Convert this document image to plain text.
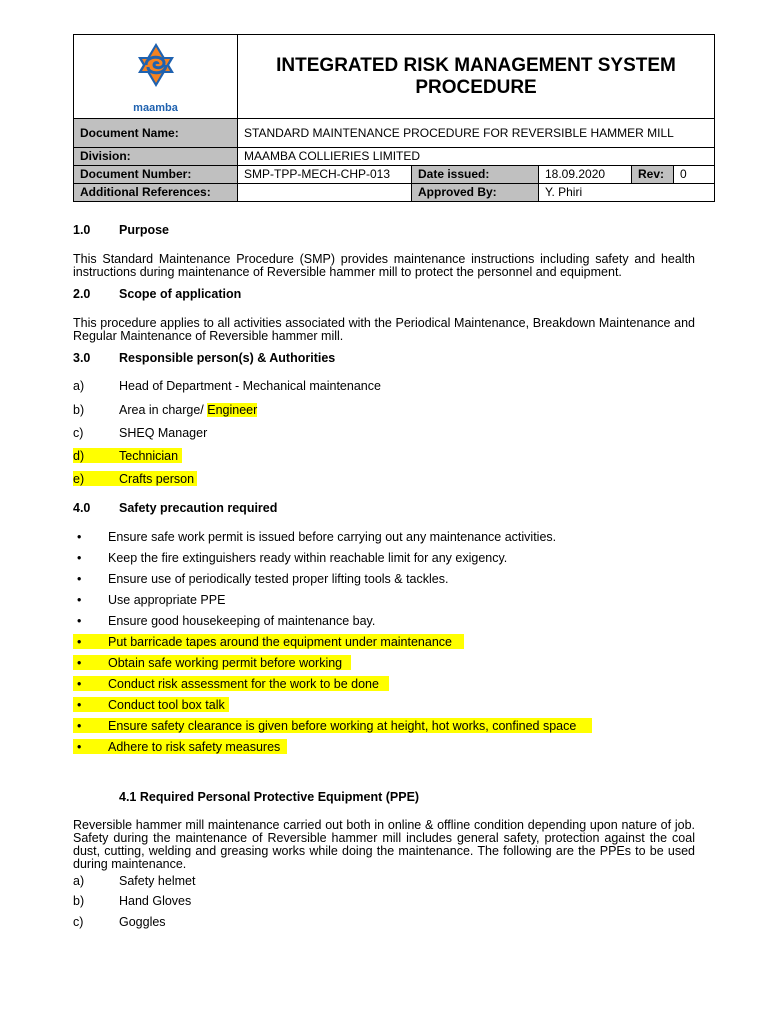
maamba	INTEGRATED RISK MANAGEMENT SYSTEM PROCEDURE				
Document Name:	STANDARD MAINTENANCE PROCEDURE FOR REVERSIBLE HAMMER MILL				
Division:	MAAMBA COLLIERIES LIMITED				
Document Number:	SMP-TPP-MECH-CHP-013	Date issued:	18.09.2020	Rev:	0
Additional References:		Approved By:	Y. Phiri		
1.0 Purpose
This Standard Maintenance Procedure (SMP) provides maintenance instructions including safety and health instructions during maintenance of Reversible hammer mill to protect the personnel and equipment.
2.0 Scope of application
This procedure applies to all activities associated with the Periodical Maintenance, Breakdown Maintenance and Regular Maintenance of Reversible hammer mill.
3.0 Responsible person(s) & Authorities
a)	Head of Department - Mechanical maintenance
b)	Area in charge/ Engineer
c)	SHEQ Manager
d)	Technician
e)	Crafts person
4.0 Safety precaution required
• Ensure safe work permit is issued before carrying out any maintenance activities.
• Keep the fire extinguishers ready within reachable limit for any exigency.
• Ensure use of periodically tested proper lifting tools & tackles.
• Use appropriate PPE
• Ensure good housekeeping of maintenance bay.
• Put barricade tapes around the equipment under maintenance
• Obtain safe working permit before working
• Conduct risk assessment for the work to be done
• Conduct tool box talk
• Ensure safety clearance is given before working at height, hot works, confined space
• Adhere to risk safety measures
4.1 Required Personal Protective Equipment (PPE)
Reversible hammer mill maintenance carried out both in online & offline condition depending upon nature of job. Safety during the maintenance of Reversible hammer mill includes general safety, protection against the coal dust, cutting, welding and greasing works while doing the maintenance. The following are the PPEs to be used during maintenance.
a)	Safety helmet
b)	Hand Gloves
c)	Goggles
